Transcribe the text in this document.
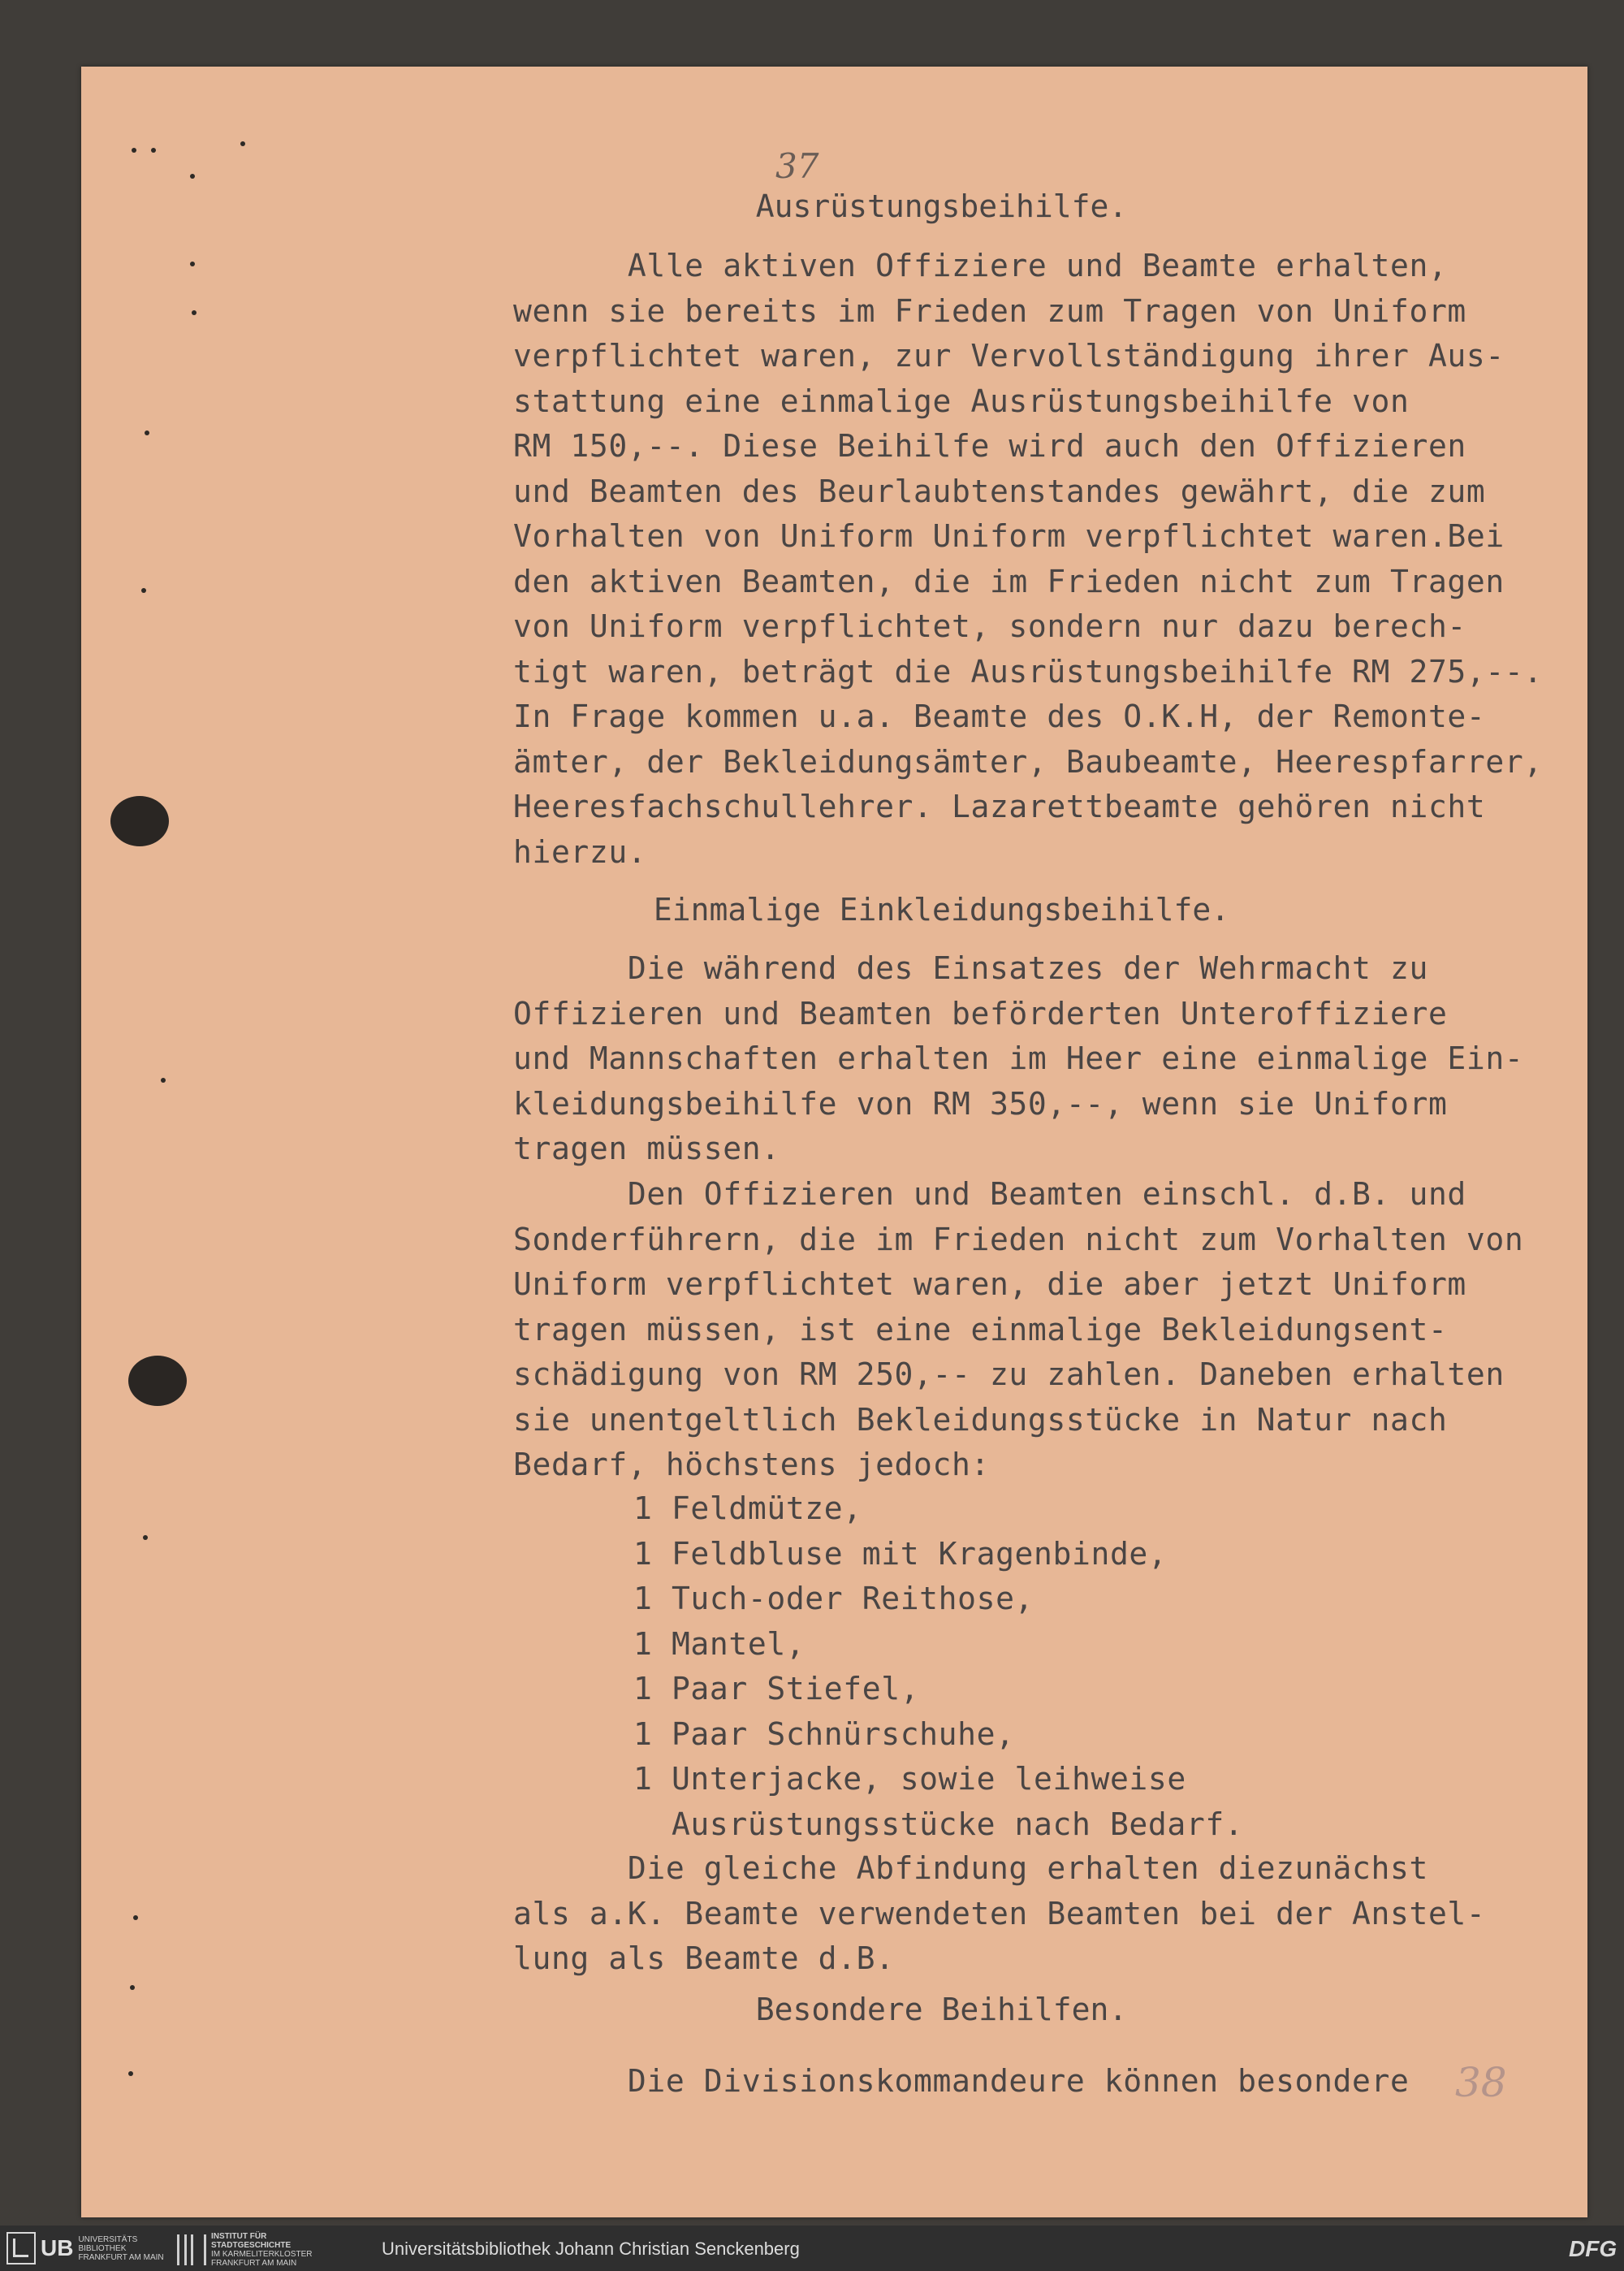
37
38
Ausrüstungsbeihilfe.
Alle aktiven Offiziere und Beamte erhalten,
wenn sie bereits im Frieden zum Tragen von Uniform
verpflichtet waren, zur Vervollständigung ihrer Aus-
stattung eine einmalige Ausrüstungsbeihilfe von
RM 150,--. Diese Beihilfe wird auch den Offizieren
und Beamten des Beurlaubtenstandes gewährt, die zum
Vorhalten von Uniform Uniform verpflichtet waren.Bei
den aktiven Beamten, die im Frieden nicht zum Tragen
von Uniform verpflichtet, sondern nur dazu berech-
tigt waren, beträgt die Ausrüstungsbeihilfe RM 275,--.
In Frage kommen u.a. Beamte des O.K.H, der Remonte-
ämter, der Bekleidungsämter, Baubeamte, Heerespfarrer,
Heeresfachschullehrer. Lazarettbeamte gehören nicht
hierzu.
Einmalige Einkleidungsbeihilfe.
Die während des Einsatzes der Wehrmacht zu
Offizieren und Beamten beförderten Unteroffiziere
und Mannschaften erhalten im Heer eine einmalige Ein-
kleidungsbeihilfe von RM 350,--, wenn sie Uniform
tragen müssen.
Den Offizieren und Beamten einschl. d.B. und
Sonderführern, die im Frieden nicht zum Vorhalten von
Uniform verpflichtet waren, die aber jetzt Uniform
tragen müssen, ist eine einmalige Bekleidungsent-
schädigung von RM 250,-- zu zahlen. Daneben erhalten
sie unentgeltlich Bekleidungsstücke in Natur nach
Bedarf, höchstens jedoch:
1 Feldmütze,
1 Feldbluse mit Kragenbinde,
1 Tuch-oder Reithose,
1 Mantel,
1 Paar Stiefel,
1 Paar Schnürschuhe,
1 Unterjacke, sowie leihweise
Ausrüstungsstücke nach Bedarf.
Die gleiche Abfindung erhalten diezunächst
als a.K. Beamte verwendeten Beamten bei der Anstel-
lung als Beamte d.B.
Besondere Beihilfen.
Die Divisionskommandeure können besondere
UB UNIVERSITÄTS
BIBLIOTHEK
FRANKFURT AM MAIN
INSTITUT FÜR
STADTGESCHICHTE
IM KARMELITERKLOSTER
FRANKFURT AM MAIN
Universitätsbibliothek Johann Christian Senckenberg	DFG
